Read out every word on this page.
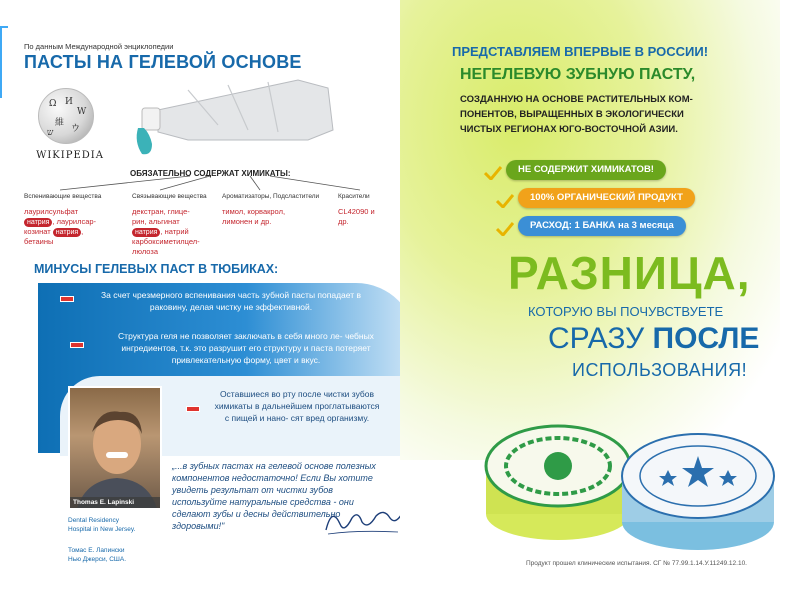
По данным Международной энциклопедии
ПАСТЫ НА ГЕЛЕВОЙ ОСНОВЕ
Ω И
W
維
ウ
ש
WIKIPEDIA
ОБЯЗАТЕЛЬНО СОДЕРЖАТ ХИМИКАТЫ:
Вспенивающие вещества	Связывающие вещества Ароматизаторы, Подсластители	Красители
лаурилсульфат
натрия , лаурилсар-
козинат натрия ,
бетаины
декстран, глице-
рин, альгинат
натрия , натрий
карбоксиметилцел-
люлоза
тимол, корвакрол,
лимонен и др.
CL42090 и
др.
МИНУСЫ ГЕЛЕВЫХ ПАСТ В ТЮБИКАХ:
За счет чрезмерного вспенивания часть зубной пасты попадает в раковину, делая чистку не эффективной.
Структура геля не позволяет заключать в себя много ле- чебных ингредиентов, т.к. это разрушит его структуру и паста потеряет привлекательную форму, цвет и вкус.
Оставшиеся во рту после чистки зубов химикаты в дальнейшем проглатываются с пищей и нано- сят вред организму.
Thomas E. Lapinski
Dental Residency
Hospital in New Jersey.
Томас Е. Лапински
Нью Джерси, США.
„...в зубных пастах на гелевой основе полезных компонентов недостаточно! Если Вы хотите увидеть результат от чистки зубов используйте натуральные средства - они сделают зубы и десны действительно здоровыми!"
ПРЕДСТАВЛЯЕМ ВПЕРВЫЕ В РОССИИ!
НЕГЕЛЕВУЮ ЗУБНУЮ ПАСТУ,
СОЗДАННУЮ НА ОСНОВЕ РАСТИТЕЛЬНЫХ КОМ-
ПОНЕНТОВ, ВЫРАЩЕННЫХ В ЭКОЛОГИЧЕСКИ
ЧИСТЫХ РЕГИОНАХ ЮГО-ВОСТОЧНОЙ АЗИИ.
НЕ СОДЕРЖИТ ХИМИКАТОВ!
100% ОРГАНИЧЕСКИЙ ПРОДУКТ
РАСХОД: 1 БАНКА на 3 месяца
РАЗНИЦА,
КОТОРУЮ ВЫ ПОЧУВСТВУЕТЕ
СРАЗУ ПОСЛЕ
ИСПОЛЬЗОВАНИЯ!
Продукт прошел клинические испытания. СГ № 77.99.1.14.У.11249.12.10.
